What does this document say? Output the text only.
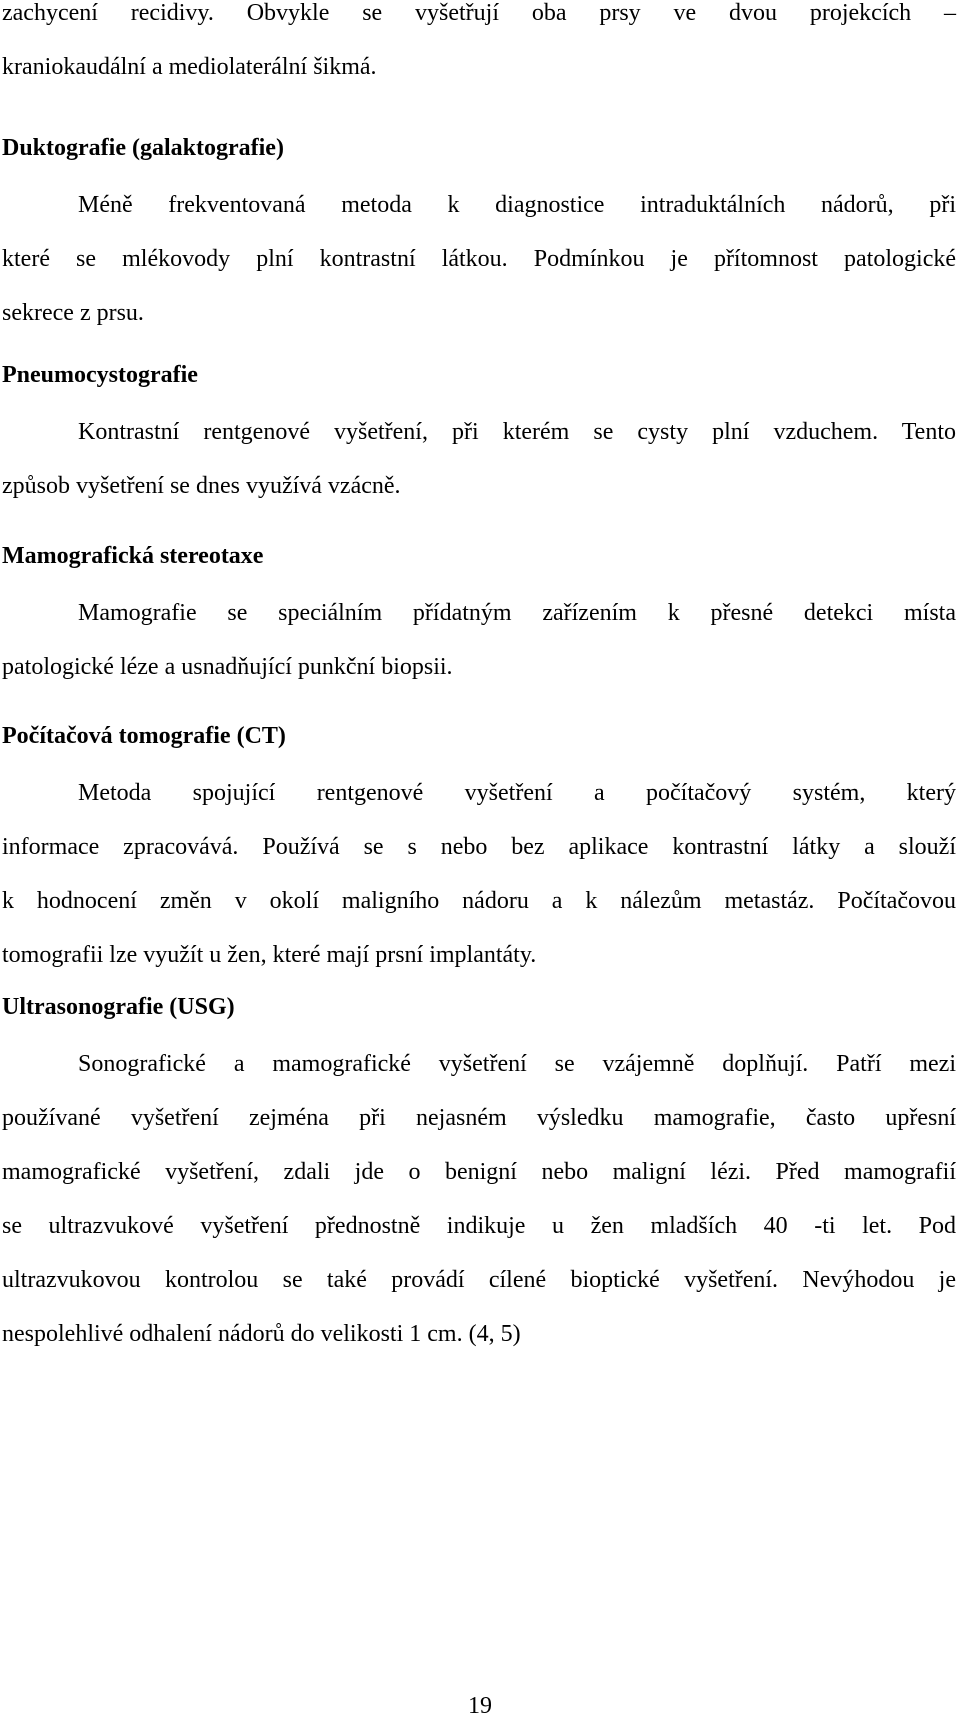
zachycení recidivy. Obvykle se vyšetřují oba prsy ve dvou projekcích –
kraniokaudální a mediolaterální šikmá.
Duktografie (galaktografie)
Méně frekventovaná metoda k diagnostice intraduktálních nádorů, při
které se mlékovody plní kontrastní látkou. Podmínkou je přítomnost patologické
sekrece z prsu.
Pneumocystografie
Kontrastní rentgenové vyšetření, při kterém se cysty plní vzduchem. Tento
způsob vyšetření se dnes využívá vzácně.
Mamografická stereotaxe
Mamografie se speciálním přídatným zařízením k přesné detekci místa
patologické léze a usnadňující punkční biopsii.
Počítačová tomografie (CT)
Metoda spojující rentgenové vyšetření a počítačový systém, který
informace zpracovává. Používá se s nebo bez aplikace kontrastní látky a slouží
k hodnocení změn v okolí maligního nádoru a k nálezům metastáz. Počítačovou
tomografii lze využít u žen, které mají prsní implantáty.
Ultrasonografie (USG)
Sonografické a mamografické vyšetření se vzájemně doplňují. Patří mezi
používané vyšetření zejména při nejasném výsledku mamografie, často upřesní
mamografické vyšetření, zdali jde o benigní nebo maligní lézi. Před mamografií
se ultrazvukové vyšetření přednostně indikuje u žen mladších 40 -ti let. Pod
ultrazvukovou kontrolou se také provádí cílené bioptické vyšetření. Nevýhodou je
nespolehlivé odhalení nádorů do velikosti 1 cm. (4, 5)
19
